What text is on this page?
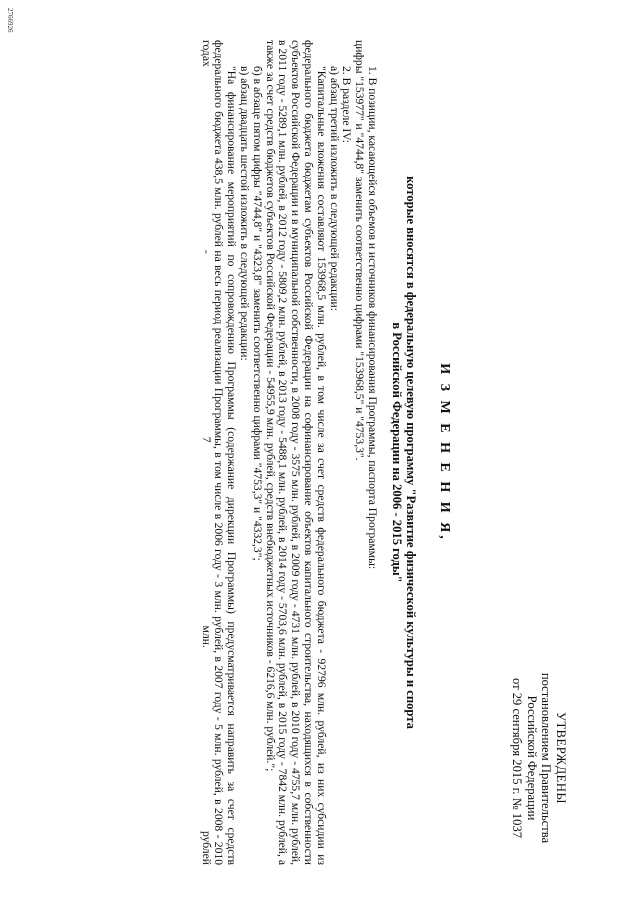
УТВЕРЖДЕНЫ
постановлением Правительства
Российской Федерации
от 29 сентября 2015 г. № 1037
И З М Е Н Е Н И Я,
которые вносятся в федеральную целевую программу "Развитие физической культуры и спорта
в Российской Федерации на 2006 - 2015 годы"

1. В позиции, касающейся объемов и источников финансирования Программы, паспорта Программы:

цифры "153977" и "4744,8" заменить соответственно цифрами "153968,5" и "4753,3".

2. В разделе IV:

а) абзац третий изложить в следующей редакции:

"Капитальные вложения составляют 153968,5 млн. рублей, в том числе за счет средств федерального бюджета - 92796 млн. рублей, из них субсидии из федерального бюджета бюджетам субъектов Российской Федерации на софинансирование объектов капитального строительства, находящихся в собственности субъектов Российской Федерации и в муниципальной собственности, в 2008 году - 3575 млн. рублей, в 2009 году - 4731 млн. рублей, в 2010 году - 4755,7 млн. рублей, в 2011 году - 5289,1 млн. рублей, в 2012 году - 5809,2 млн. рублей, в 2013 году - 5488,1 млн. рублей, в 2014 году - 5703,6 млн. рублей, в 2015 году - 7842 млн. рублей, а также за счет средств бюджетов субъектов Российской Федерации - 54955,9 млн. рублей, средств внебюджетных источников - 6216,6 млн. рублей.";

б) в абзаце пятом цифры "4744,8" и "4323,8" заменить соответственно цифрами "4753,3" и "4332,3";

в) абзац двадцать шестой изложить в следующей редакции:

"На финансирование мероприятий по сопровождению Программы (содержание дирекции Программы) предусматривается направить за счет средств федерального бюджета 438,5 млн. рублей на весь период реализации Программы, в том числе в 2006 году - 3 млн. рублей, в 2007 году - 5 млн. рублей, в 2008 - 2010 годах - 7 млн. рублей

2766926
